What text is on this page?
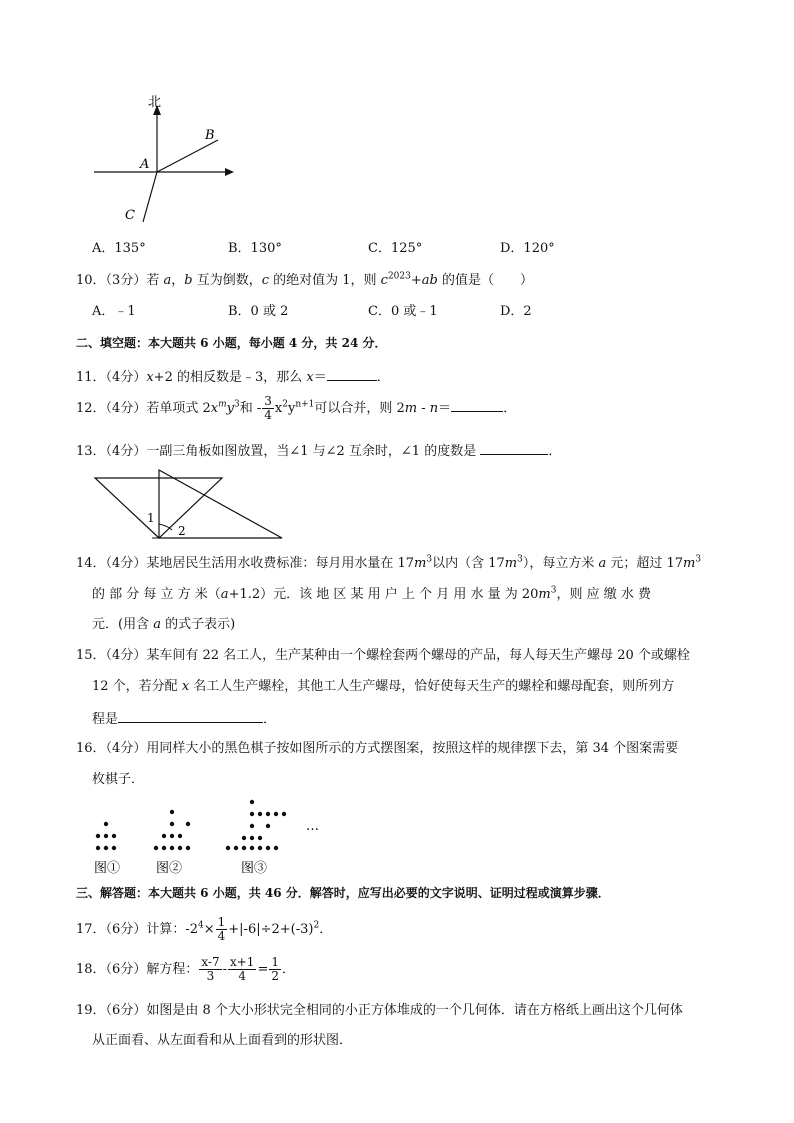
北
A
B
C
A．135°	B．130°	C．125°	D．120°
10．（3分）若 a，b 互为倒数，c 的绝对值为 1，则 $c^{2023}+ab$ 的值是（　　）
A．﹣1	B．0 或 2	C．0 或﹣1	D．2
二、填空题：本大题共 6 小题，每小题 4 分，共 24 分．
11．（4分）x+2 的相反数是﹣3，那么 x＝	．
12．（4分）若单项式 $2x^my^3$和 - $\frac{3}{4} x^2y^{n+1}$可以合并，则 2m - n＝	．
13．（4分）一副三角板如图放置，当∠1 与∠2 互余时，∠1 的度数是	．
1
2
14．（4分）某地居民生活用水收费标准：每月用水量在 $17m^3$以内（含 $17m^3$），每立方米 a 元；超过 $17m^3$
的 部 分 每 立 方 米（a+1.2）元．该 地 区 某 用 户 上 个 月 用 水 量 为 $20m^3$，则 应 缴 水 费
元．(用含 a 的式子表示)
15．（4分）某车间有 22 名工人，生产某种由一个螺栓套两个螺母的产品，每人每天生产螺母 20 个或螺栓
12 个，若分配 x 名工人生产螺栓，其他工人生产螺母，恰好使每天生产的螺栓和螺母配套，则所列方
程是	．
16．（4分）用同样大小的黑色棋子按如图所示的方式摆图案，按照这样的规律摆下去，第 34 个图案需要
枚棋子．
图①	图②	图③
…
三、解答题：本大题共 6 小题，共 46 分．解答时，应写出必要的文字说明、证明过程或演算步骤．
17．（6分）计算：$-2^4\times \frac{1}{4} +|-6|\div 2+(-3)^2$．
18．（6分）解方程： $\frac{x-7}{3} - \frac{x+1}{4} = \frac{1}{2}$ ．
19．（6分）如图是由 8 个大小形状完全相同的小正方体堆成的一个几何体．请在方格纸上画出这个几何体
从正面看、从左面看和从上面看到的形状图．
